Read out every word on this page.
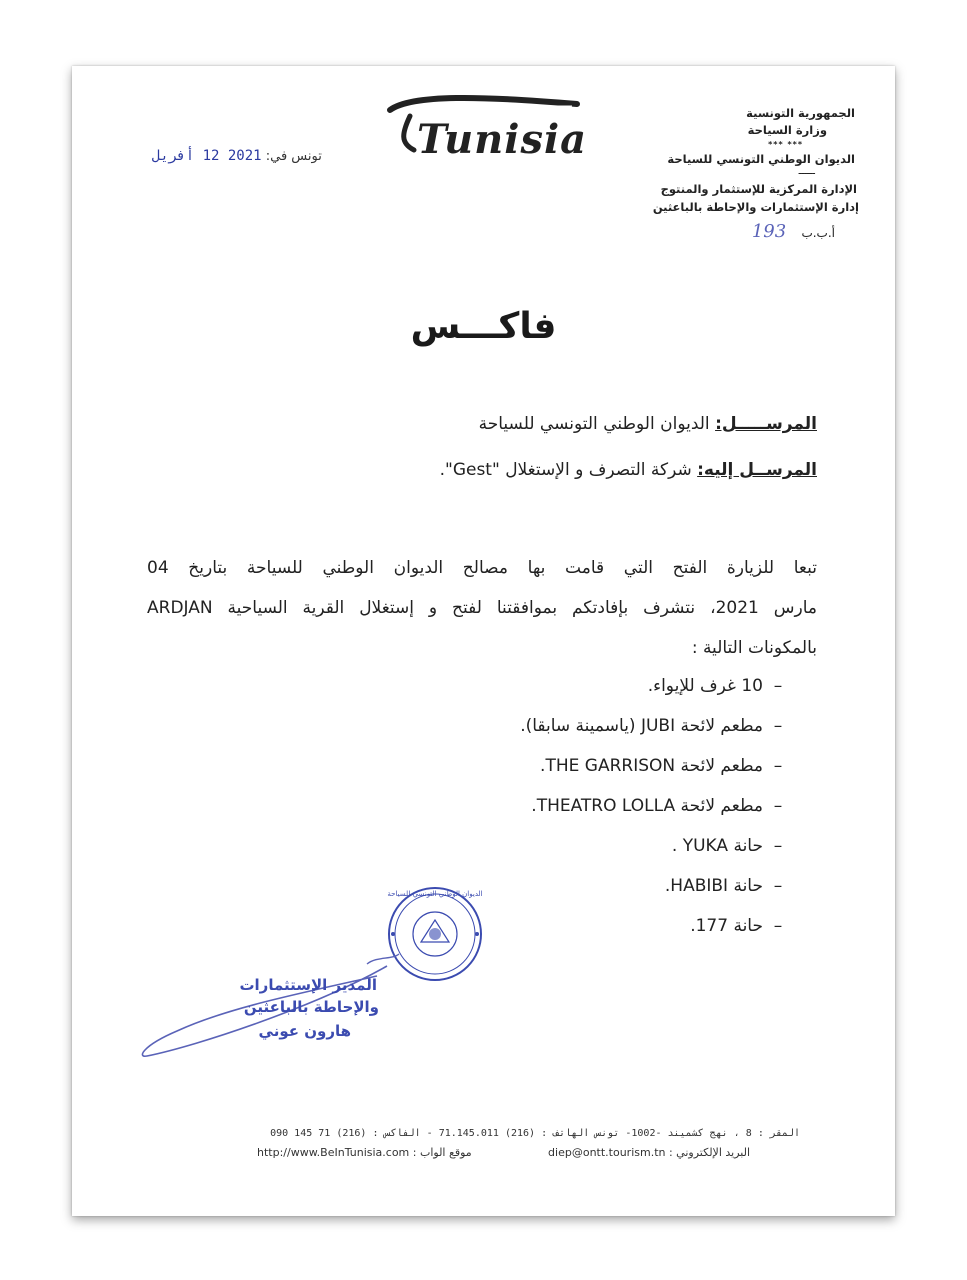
الجمهورية التونسية
وزارة السياحة
*** ***
الديوان الوطني التونسي للسياحة
ــــــ
الإدارة المركزية للإستثمار والمنتوج
إدارة الإستثمارات والإحاطة بالباعثين
أ.ب.ب    193
Tunisia
تونس في: 2021 12 أفريل
فاكـــس
المرســـــل: الديوان الوطني التونسي للسياحة
المرســل إليه: شركة التصرف و الإستغلال "Gest".
تبعا للزيارة الفتح التي قامت بها مصالح الديوان الوطني للسياحة بتاريخ 04
مارس 2021، نتشرف بإفادتكم بموافقتنا لفتح و إستغلال القرية السياحية ARDJAN
بالمكونات التالية :
–10 غرف للإيواء.
–مطعم لائحة JUBI (ياسمينة سابقا).
–مطعم لائحة THE GARRISON.
–مطعم لائحة THEATRO LOLLA.
–حانة YUKA .
–حانة HABIBI.
–حانة 177.
الديوان الوطني التونسي للسياحة
المدير الإستثمارات
والإحاطة بالباعثين
هارون عوني
المقر : 8 ، نهج كشميند -1002- تونس الهاتف : (216) 71.145.011 - الفاكس : (216) 71 145 090
البريد الإلكتروني : diep@ontt.tourism.tn
موقع الواب : http://www.BeInTunisia.com
